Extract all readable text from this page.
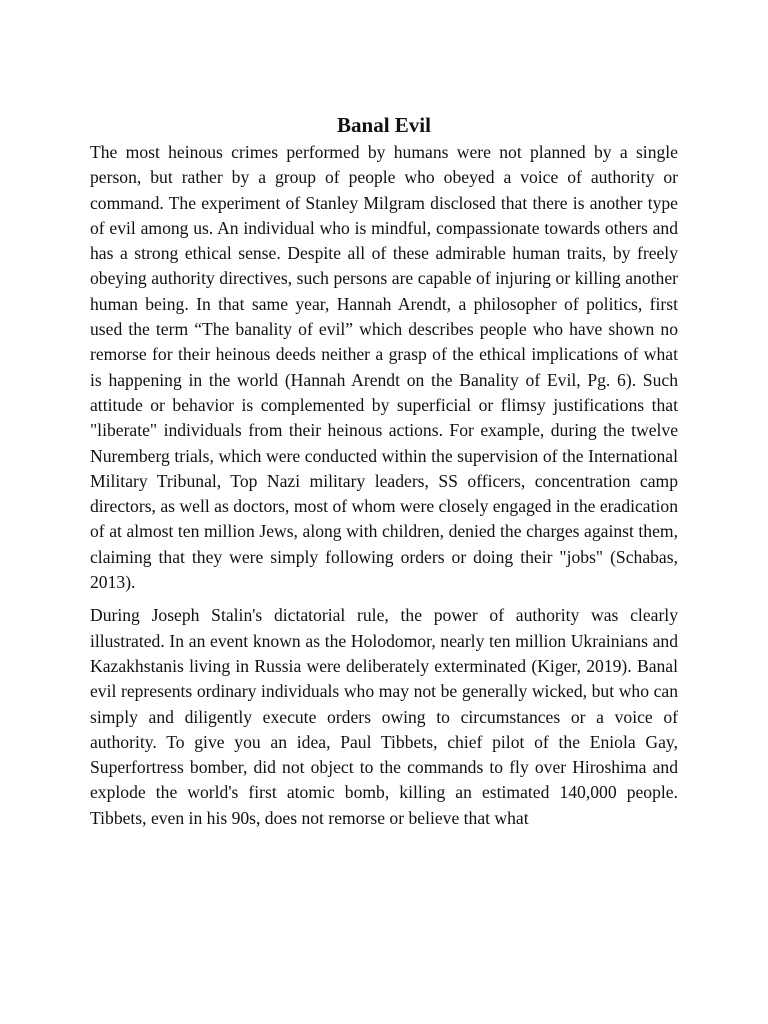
Banal Evil

The most heinous crimes performed by humans were not planned by a single person, but rather by a group of people who obeyed a voice of authority or command. The experiment of Stanley Milgram disclosed that there is another type of evil among us. An individual who is mindful, compassionate towards others and has a strong ethical sense. Despite all of these admirable human traits, by freely obeying authority directives, such persons are capable of injuring or killing another human being. In that same year, Hannah Arendt, a philosopher of politics, first used the term “The banality of evil” which describes people who have shown no remorse for their heinous deeds neither a grasp of the ethical implications of what is happening in the world (Hannah Arendt on the Banality of Evil, Pg. 6). Such attitude or behavior is complemented by superficial or flimsy justifications that "liberate" individuals from their heinous actions. For example, during the twelve Nuremberg trials, which were conducted within the supervision of the International Military Tribunal, Top Nazi military leaders, SS officers, concentration camp directors, as well as doctors, most of whom were closely engaged in the eradication of at almost ten million Jews, along with children, denied the charges against them, claiming that they were simply following orders or doing their "jobs" (Schabas, 2013).

During Joseph Stalin's dictatorial rule, the power of authority was clearly illustrated. In an event known as the Holodomor, nearly ten million Ukrainians and Kazakhstanis living in Russia were deliberately exterminated (Kiger, 2019). Banal evil represents ordinary individuals who may not be generally wicked, but who can simply and diligently execute orders owing to circumstances or a voice of authority. To give you an idea, Paul Tibbets, chief pilot of the Eniola Gay, Superfortress bomber, did not object to the commands to fly over Hiroshima and explode the world's first atomic bomb, killing an estimated 140,000 people. Tibbets, even in his 90s, does not remorse or believe that what
